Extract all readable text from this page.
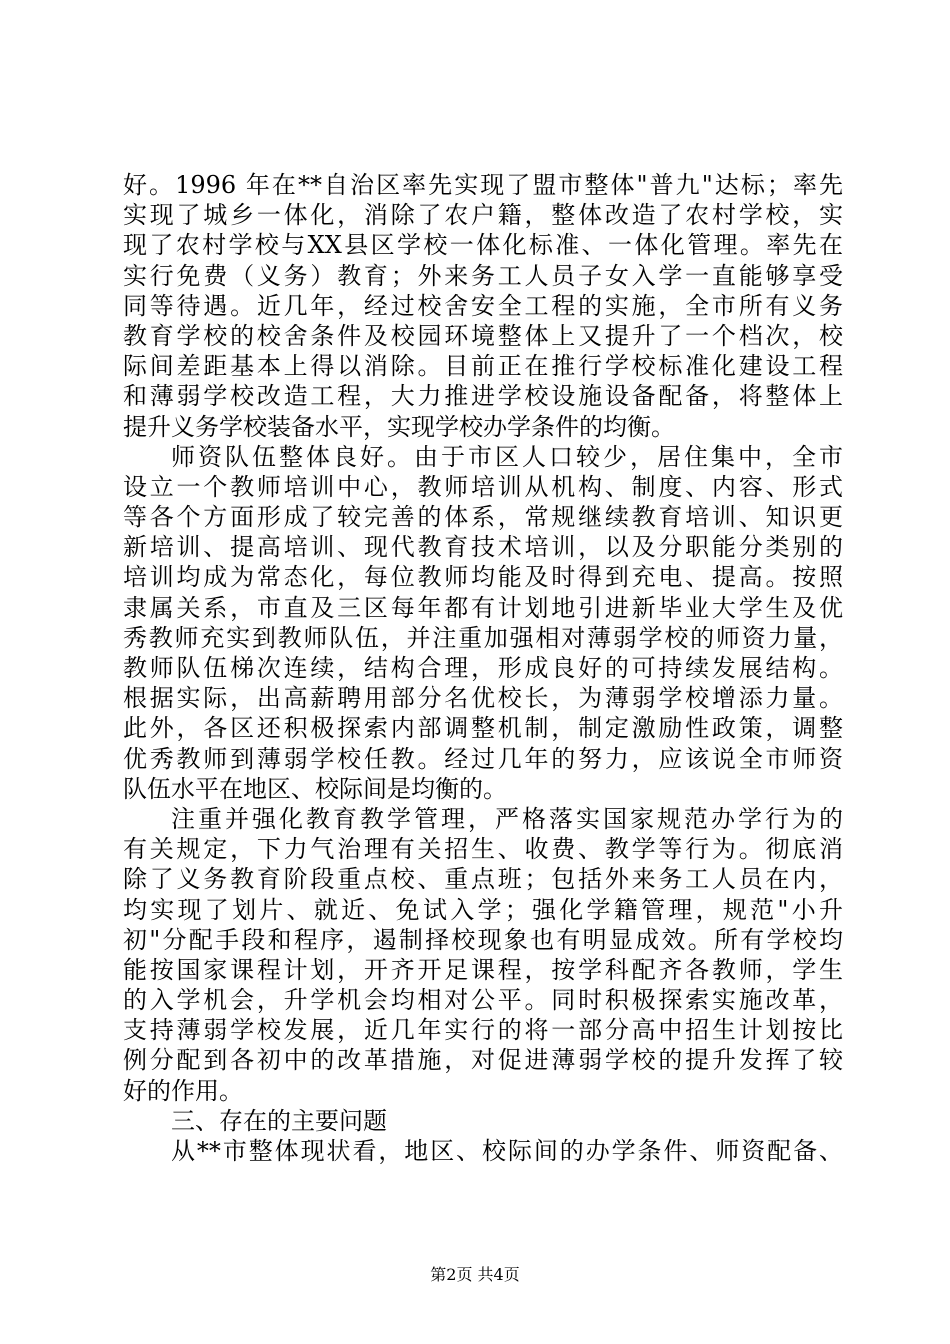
好。1996 年在**自治区率先实现了盟市整体"普九"达标；率先
实现了城乡一体化，消除了农户籍，整体改造了农村学校，实
现了农村学校与XX县区学校一体化标准、一体化管理。率先在
实行免费（义务）教育；外来务工人员子女入学一直能够享受
同等待遇。近几年，经过校舍安全工程的实施，全市所有义务
教育学校的校舍条件及校园环境整体上又提升了一个档次，校
际间差距基本上得以消除。目前正在推行学校标准化建设工程
和薄弱学校改造工程，大力推进学校设施设备配备，将整体上
提升义务学校装备水平，实现学校办学条件的均衡。
师资队伍整体良好。由于市区人口较少，居住集中，全市
设立一个教师培训中心，教师培训从机构、制度、内容、形式
等各个方面形成了较完善的体系，常规继续教育培训、知识更
新培训、提高培训、现代教育技术培训，以及分职能分类别的
培训均成为常态化，每位教师均能及时得到充电、提高。按照
隶属关系，市直及三区每年都有计划地引进新毕业大学生及优
秀教师充实到教师队伍，并注重加强相对薄弱学校的师资力量，
教师队伍梯次连续，结构合理，形成良好的可持续发展结构。
根据实际，出高薪聘用部分名优校长，为薄弱学校增添力量。
此外，各区还积极探索内部调整机制，制定激励性政策，调整
优秀教师到薄弱学校任教。经过几年的努力，应该说全市师资
队伍水平在地区、校际间是均衡的。
注重并强化教育教学管理，严格落实国家规范办学行为的
有关规定，下力气治理有关招生、收费、教学等行为。彻底消
除了义务教育阶段重点校、重点班；包括外来务工人员在内，
均实现了划片、就近、免试入学；强化学籍管理，规范"小升
初"分配手段和程序，遏制择校现象也有明显成效。所有学校均
能按国家课程计划，开齐开足课程，按学科配齐各教师，学生
的入学机会，升学机会均相对公平。同时积极探索实施改革，
支持薄弱学校发展，近几年实行的将一部分高中招生计划按比
例分配到各初中的改革措施，对促进薄弱学校的提升发挥了较
好的作用。
三、存在的主要问题
从**市整体现状看，地区、校际间的办学条件、师资配备、
第2页 共4页
